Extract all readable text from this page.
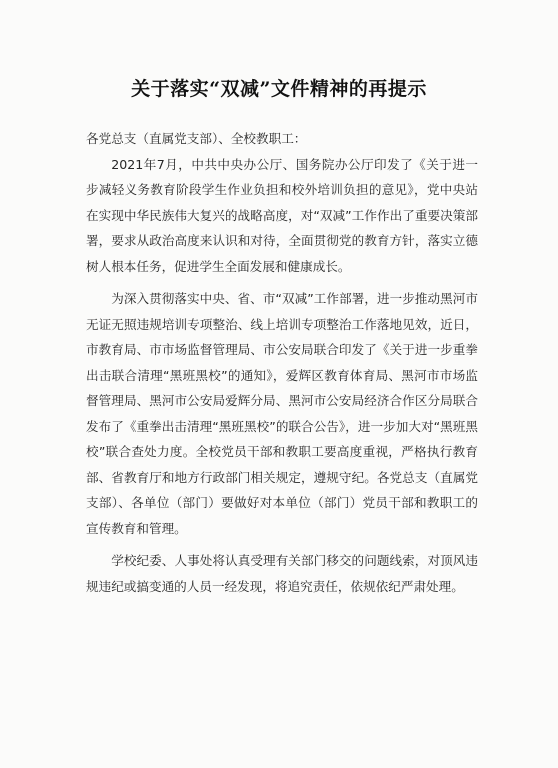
关于落实“双减”文件精神的再提示

各党总支（直属党支部）、全校教职工：

2021年7月，中共中央办公厅、国务院办公厅印发了《关于进一步减轻义务教育阶段学生作业负担和校外培训负担的意见》，党中央站在实现中华民族伟大复兴的战略高度，对“双减”工作作出了重要决策部署，要求从政治高度来认识和对待，全面贯彻党的教育方针，落实立德树人根本任务，促进学生全面发展和健康成长。

为深入贯彻落实中央、省、市“双减”工作部署，进一步推动黑河市无证无照违规培训专项整治、线上培训专项整治工作落地见效，近日，市教育局、市市场监督管理局、市公安局联合印发了《关于进一步重拳出击联合清理“黑班黑校”的通知》，爱辉区教育体育局、黑河市市场监督管理局、黑河市公安局爱辉分局、黑河市公安局经济合作区分局联合发布了《重拳出击清理“黑班黑校”的联合公告》，进一步加大对“黑班黑校”联合查处力度。全校党员干部和教职工要高度重视，严格执行教育部、省教育厅和地方行政部门相关规定，遵规守纪。各党总支（直属党支部）、各单位（部门）要做好对本单位（部门）党员干部和教职工的宣传教育和管理。

学校纪委、人事处将认真受理有关部门移交的问题线索，对顶风违规违纪或搞变通的人员一经发现，将追究责任，依规依纪严肃处理。
